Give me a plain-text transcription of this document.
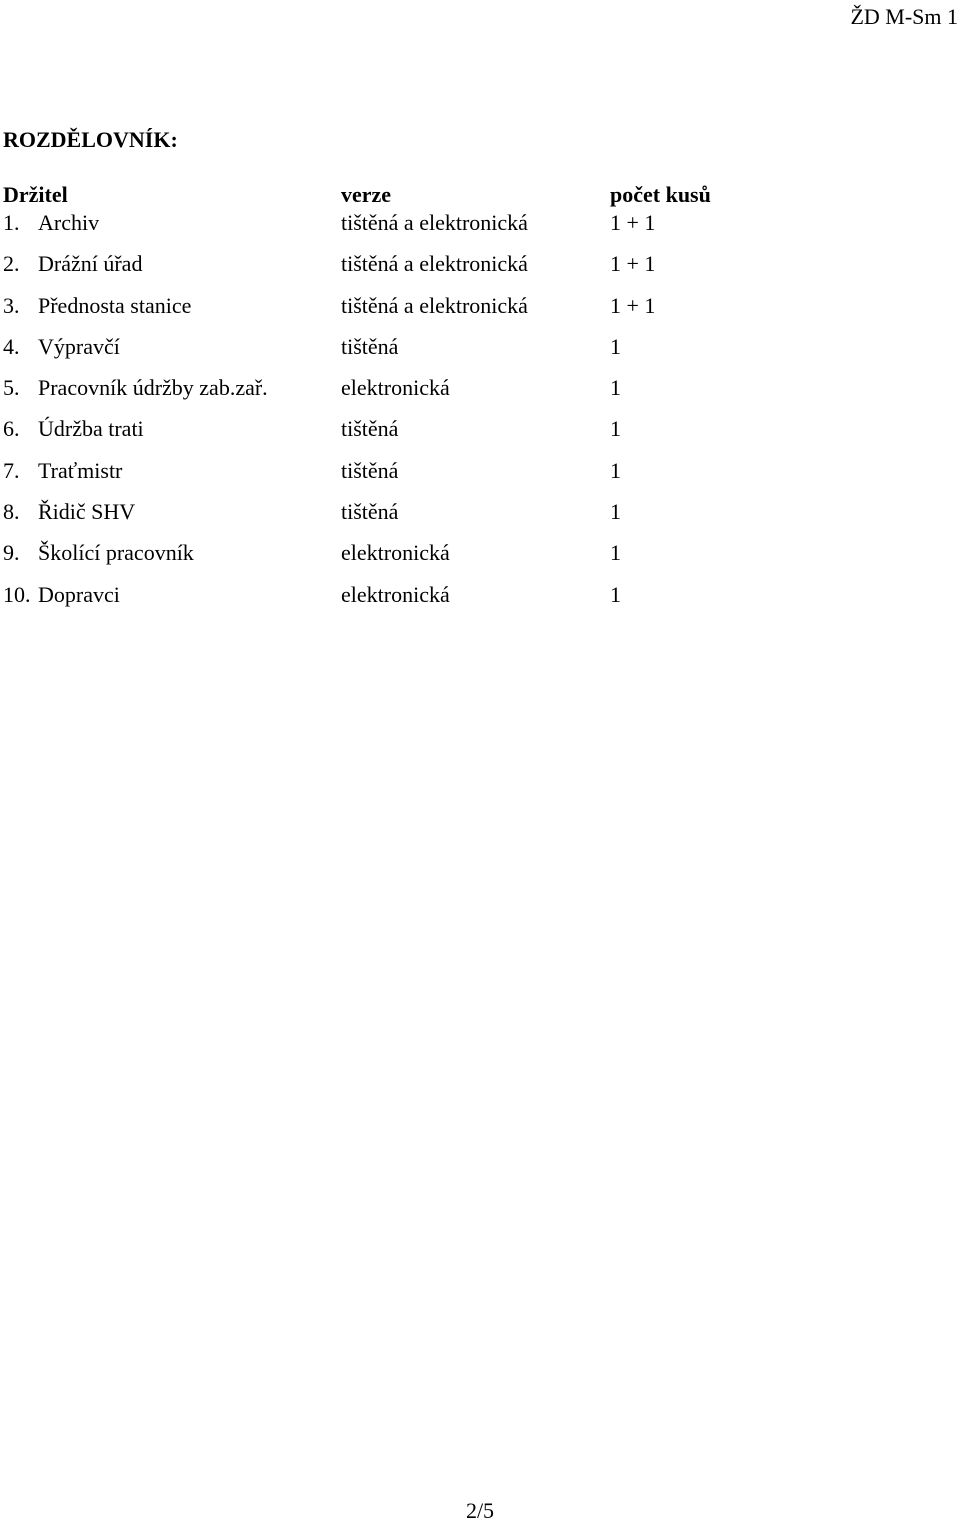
ŽD M-Sm 1
ROZDĚLOVNÍK:
Držitel	verze	počet kusů
1. Archiv	tištěná a elektronická	1 + 1
2. Drážní úřad	tištěná a elektronická	1 + 1
3. Přednosta stanice	tištěná a elektronická	1 + 1
4. Výpravčí	tištěná	1
5. Pracovník údržby zab.zař.	elektronická	1
6. Údržba trati	tištěná	1
7. Traťmistr	tištěná	1
8. Řidič SHV	tištěná	1
9. Školící pracovník	elektronická	1
10. Dopravci	elektronická	1
2/5
